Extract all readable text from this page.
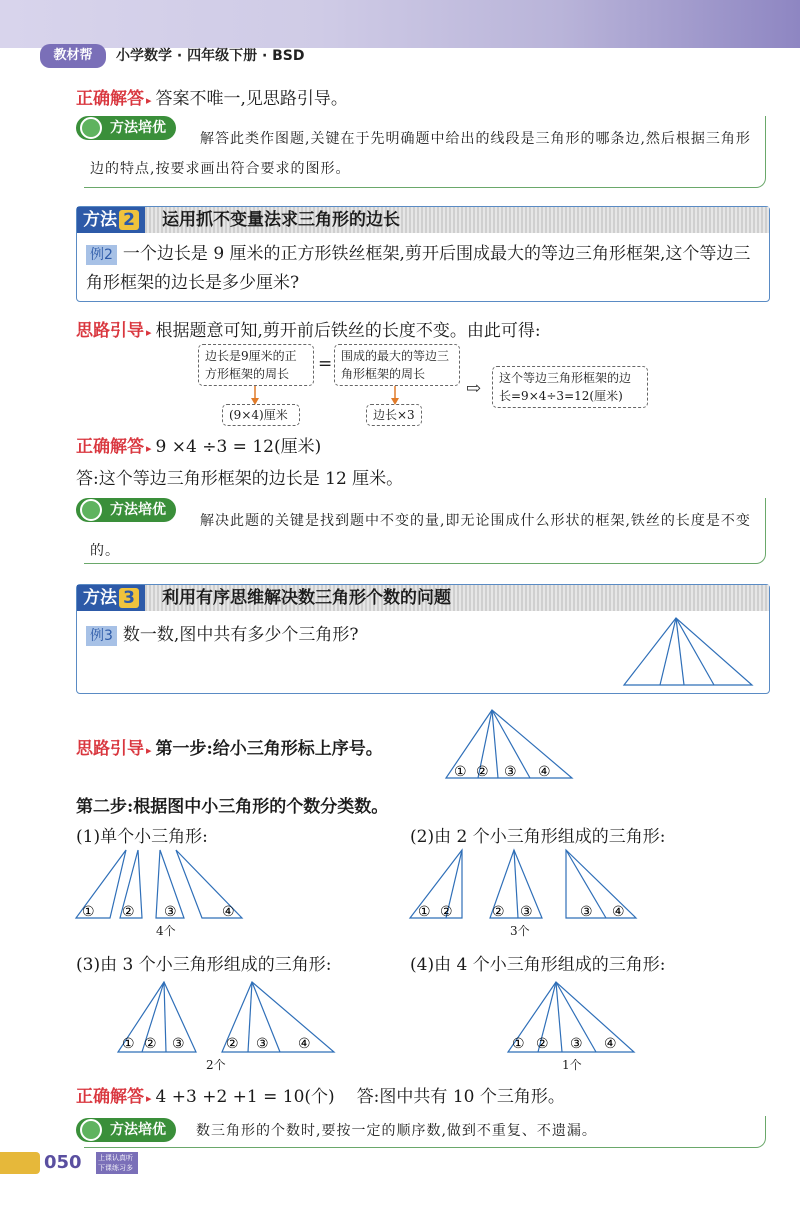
教材帮	小学数学 · 四年级下册 · BSD
正确解答 ▸ 答案不唯一,见思路引导。
方法培优
解答此类作图题,关键在于先明确题中给出的线段是三角形的哪条边,然后根据三角形边的特点,按要求画出符合要求的图形。
方法 2	运用抓不变量法求三角形的边长
例2 一个边长是 9 厘米的正方形铁丝框架,剪开后围成最大的等边三角形框架,这个等边三角形框架的边长是多少厘米?
思路引导 ▸ 根据题意可知,剪开前后铁丝的长度不变。由此可得:
边长是9厘米的正方形框架的周长	= 围成的最大的等边三角形框架的周长
⇨	这个等边三角形框架的边长=9×4÷3=12(厘米)
(9×4)厘米	边长×3
正确解答 ▸ 9 ×4 ÷3 = 12(厘米)
答:这个等边三角形框架的边长是 12 厘米。
方法培优
解决此题的关键是找到题中不变的量,即无论围成什么形状的框架,铁丝的长度是不变的。
方法 3	利用有序思维解决数三角形个数的问题
例3 数一数,图中共有多少个三角形?
思路引导 ▸ 第一步:给小三角形标上序号。
① ② ③ ④
第二步:根据图中小三角形的个数分类数。
(1)单个小三角形:	(2)由 2 个小三角形组成的三角形:
① ② ③	④
4个
① ②	② ③	③ ④
3个
(3)由 3 个小三角形组成的三角形:	(4)由 4 个小三角形组成的三角形:
① ② ③	② ③ ④
2个
① ② ③ ④
1个
正确解答 ▸ 4 +3 +2 +1 = 10(个) 答:图中共有 10 个三角形。
方法培优	数三角形的个数时,要按一定的顺序数,做到不重复、不遗漏。
050 上课认真听 下课练习多
